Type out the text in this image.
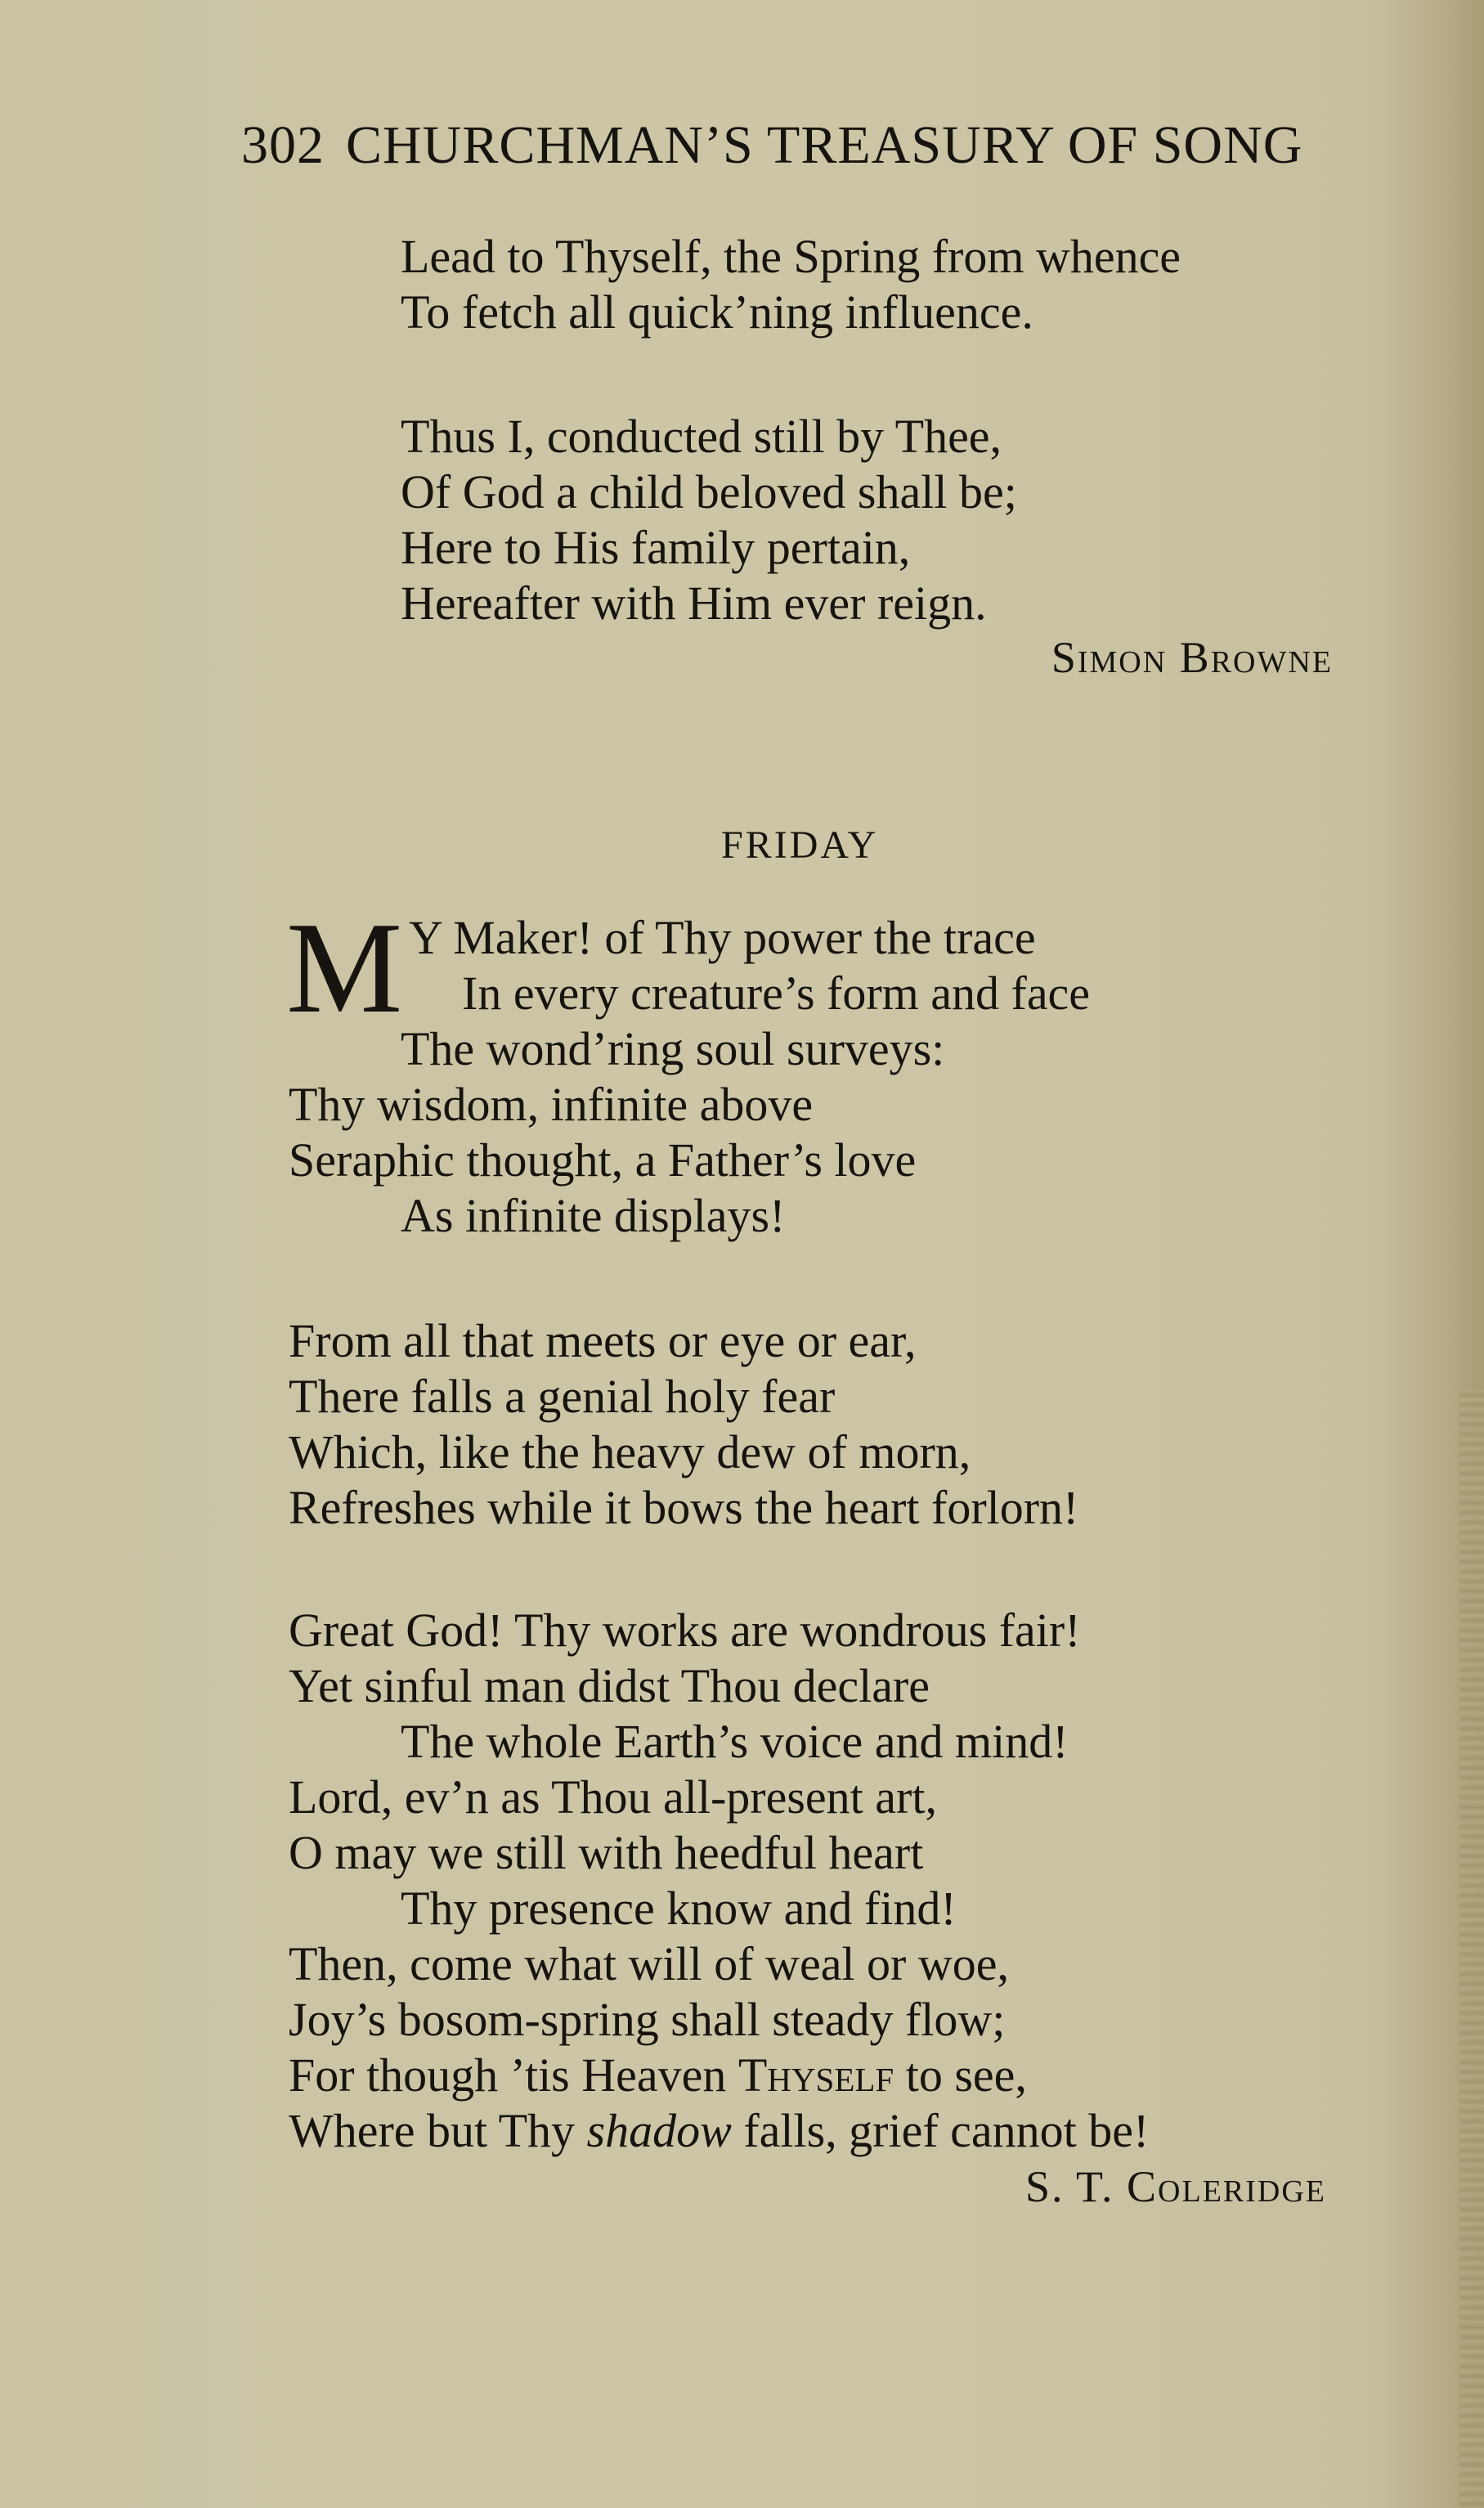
302 CHURCHMAN’S TREASURY OF SONG
Lead to Thyself, the Spring from whence
To fetch all quick’ning influence.
Thus I, conducted still by Thee,
Of God a child beloved shall be;
Here to His family pertain,
Hereafter with Him ever reign.
Simon Browne
FRIDAY
M Y Maker! of Thy power the trace
In every creature’s form and face
The wond’ring soul surveys:
Thy wisdom, infinite above
Seraphic thought, a Father’s love
As infinite displays!
From all that meets or eye or ear,
There falls a genial holy fear
Which, like the heavy dew of morn,
Refreshes while it bows the heart forlorn!
Great God! Thy works are wondrous fair!
Yet sinful man didst Thou declare
The whole Earth’s voice and mind!
Lord, ev’n as Thou all-present art,
O may we still with heedful heart
Thy presence know and find!
Then, come what will of weal or woe,
Joy’s bosom-spring shall steady flow;
For though ’tis Heaven Thyself to see,
Where but Thy shadow falls, grief cannot be!
S. T. Coleridge
